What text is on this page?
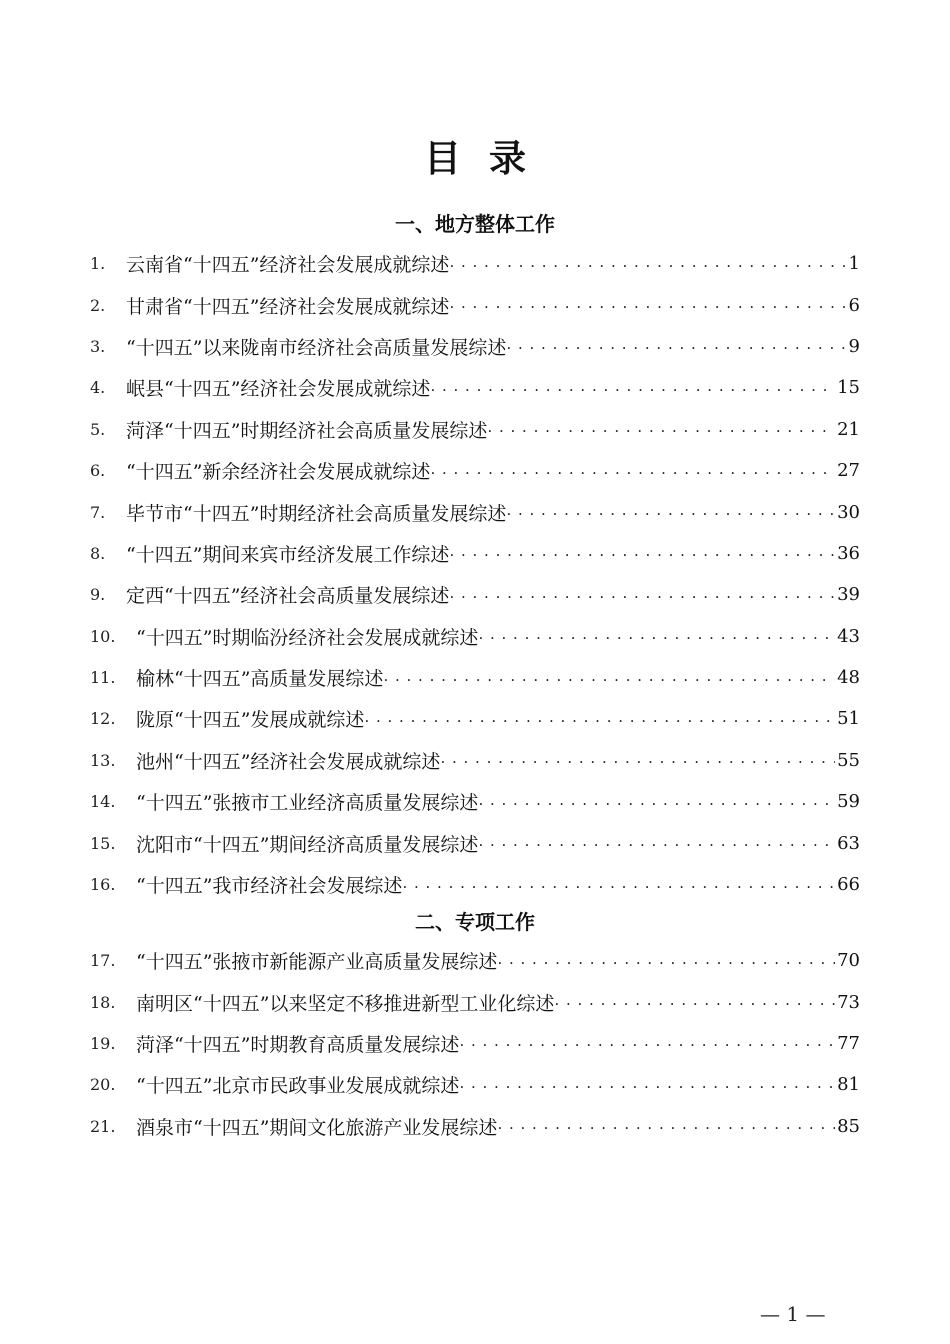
目 录
一、地方整体工作
1.	云南省“十四五”经济社会发展成就综述 . . .	1
2.	甘肃省“十四五”经济社会发展成就综述 . . .	6
3.	“十四五”以来陇南市经济社会高质量发展综述 . . .	9
4.	岷县“十四五”经济社会发展成就综述 . . .	15
5.	菏泽“十四五”时期经济社会高质量发展综述 . . .	21
6.	“十四五”新余经济社会发展成就综述 . . .	27
7.	毕节市“十四五”时期经济社会高质量发展综述 . . .	30
8.	“十四五”期间来宾市经济发展工作综述 . . .	36
9.	定西“十四五”经济社会高质量发展综述 . . .	39
10.	“十四五”时期临汾经济社会发展成就综述 . . .	43
11.	榆林“十四五”高质量发展综述 . . .	48
12.	陇原“十四五”发展成就综述 . . .	51
13.	池州“十四五”经济社会发展成就综述 . . .	55
14.	“十四五”张掖市工业经济高质量发展综述 . . .	59
15.	沈阳市“十四五”期间经济高质量发展综述 . . .	63
16.	“十四五”我市经济社会发展综述 . . .	66
二、专项工作
17.	“十四五”张掖市新能源产业高质量发展综述 . . .	70
18.	南明区“十四五”以来坚定不移推进新型工业化综述 . . .	73
19.	菏泽“十四五”时期教育高质量发展综述 . . .	77
20.	“十四五”北京市民政事业发展成就综述 . . .	81
21.	酒泉市“十四五”期间文化旅游产业发展综述 . . .	85
— 1 —
